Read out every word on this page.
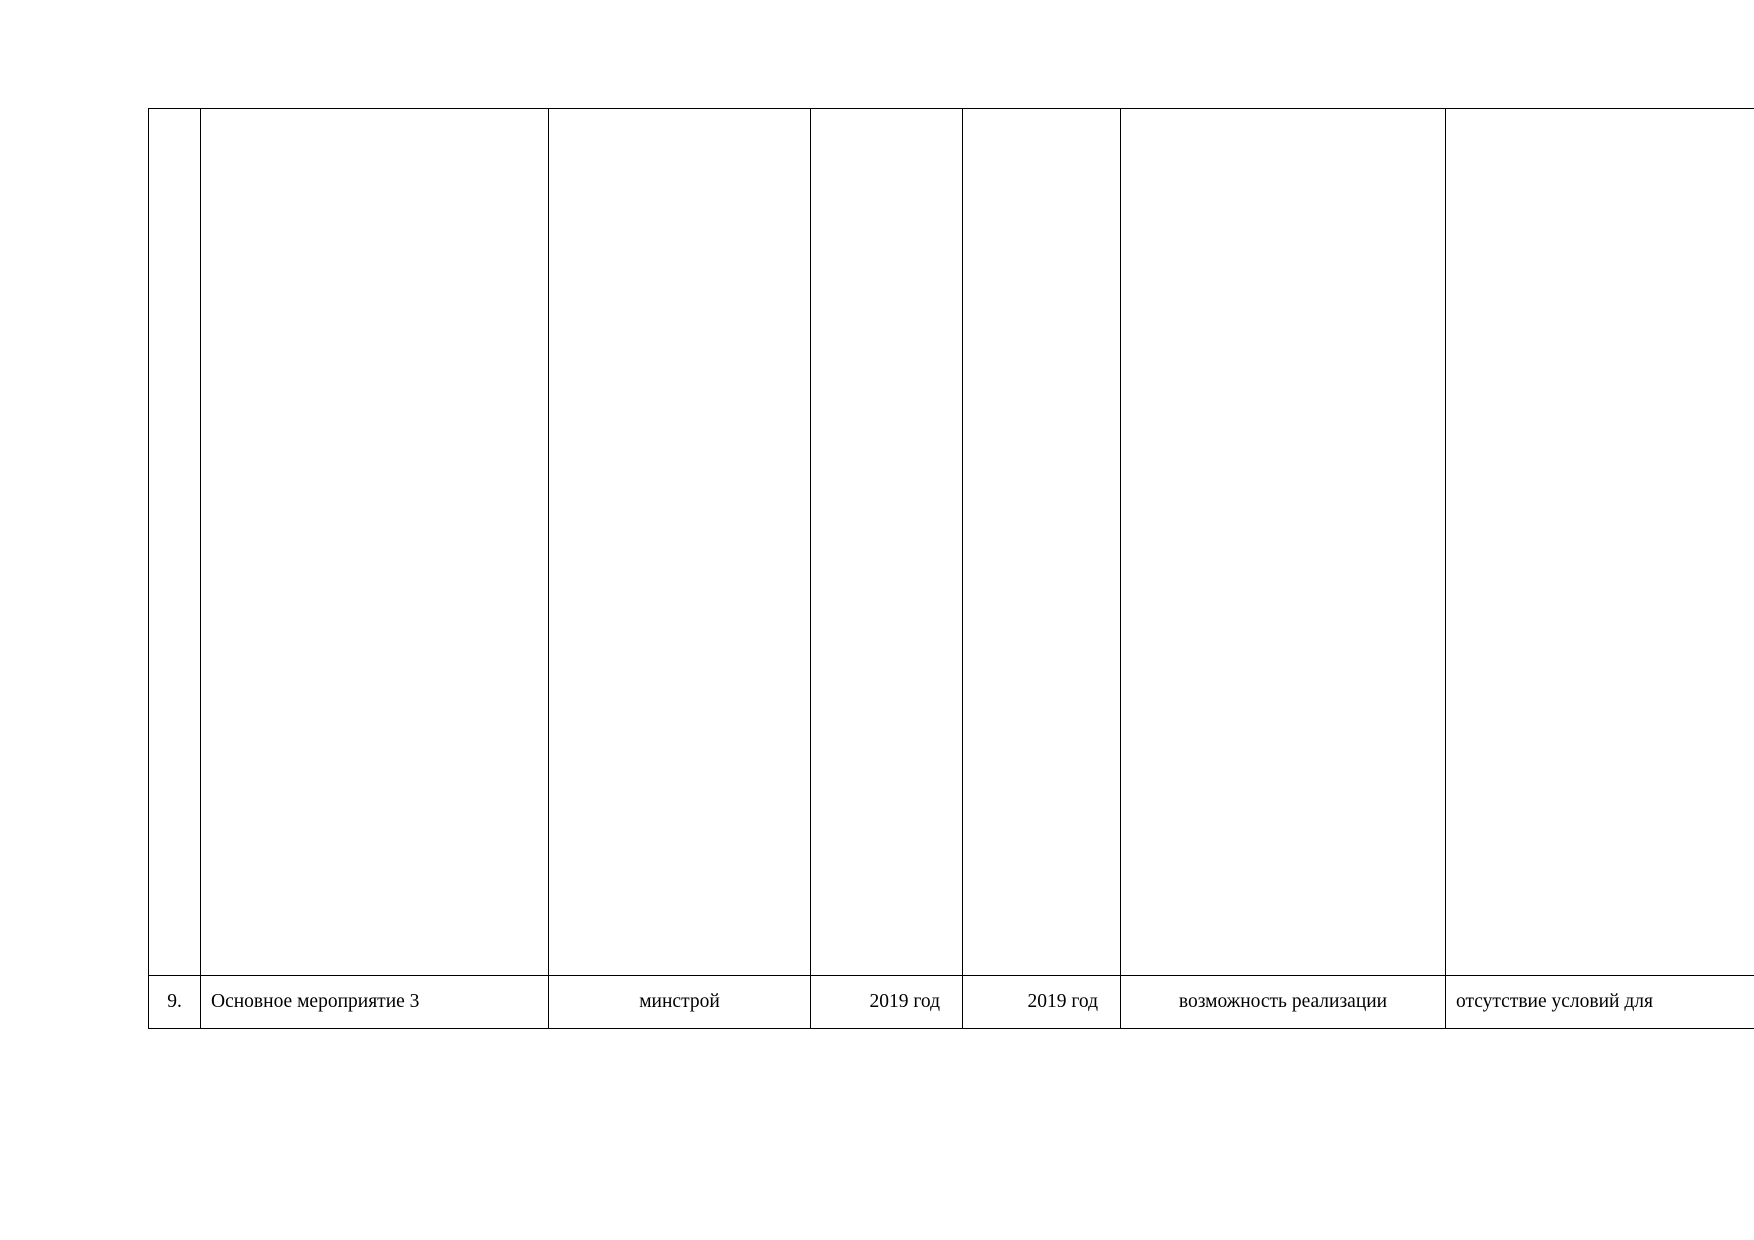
9.	Основное мероприятие 3	минстрой	2019 год	2019 год	возможность реализации	отсутствие условий для
